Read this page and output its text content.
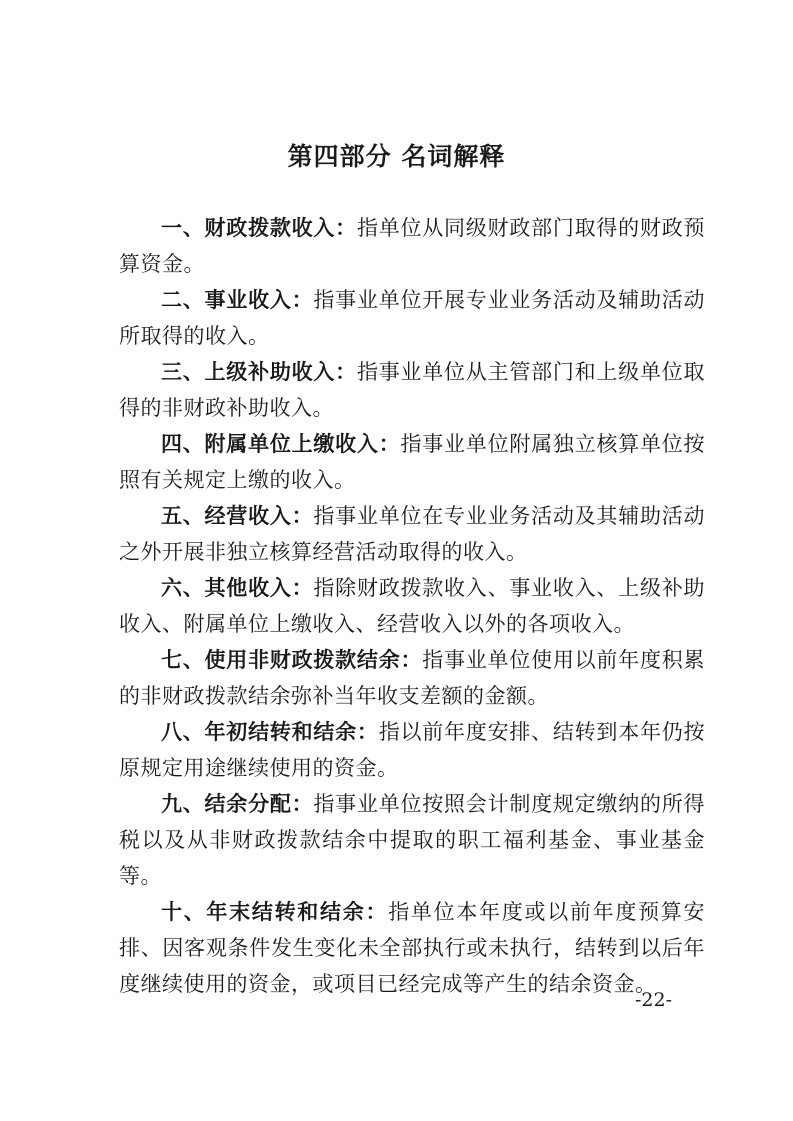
第四部分 名词解释

一、财政拨款收入：指单位从同级财政部门取得的财政预算资金。

二、事业收入：指事业单位开展专业业务活动及辅助活动所取得的收入。

三、上级补助收入：指事业单位从主管部门和上级单位取得的非财政补助收入。

四、附属单位上缴收入：指事业单位附属独立核算单位按照有关规定上缴的收入。

五、经营收入：指事业单位在专业业务活动及其辅助活动之外开展非独立核算经营活动取得的收入。

六、其他收入：指除财政拨款收入、事业收入、上级补助收入、附属单位上缴收入、经营收入以外的各项收入。

七、使用非财政拨款结余：指事业单位使用以前年度积累的非财政拨款结余弥补当年收支差额的金额。

八、年初结转和结余：指以前年度安排、结转到本年仍按原规定用途继续使用的资金。

九、结余分配：指事业单位按照会计制度规定缴纳的所得税以及从非财政拨款结余中提取的职工福利基金、事业基金等。

十、年末结转和结余：指单位本年度或以前年度预算安排、因客观条件发生变化未全部执行或未执行，结转到以后年度继续使用的资金，或项目已经完成等产生的结余资金。

-22-
